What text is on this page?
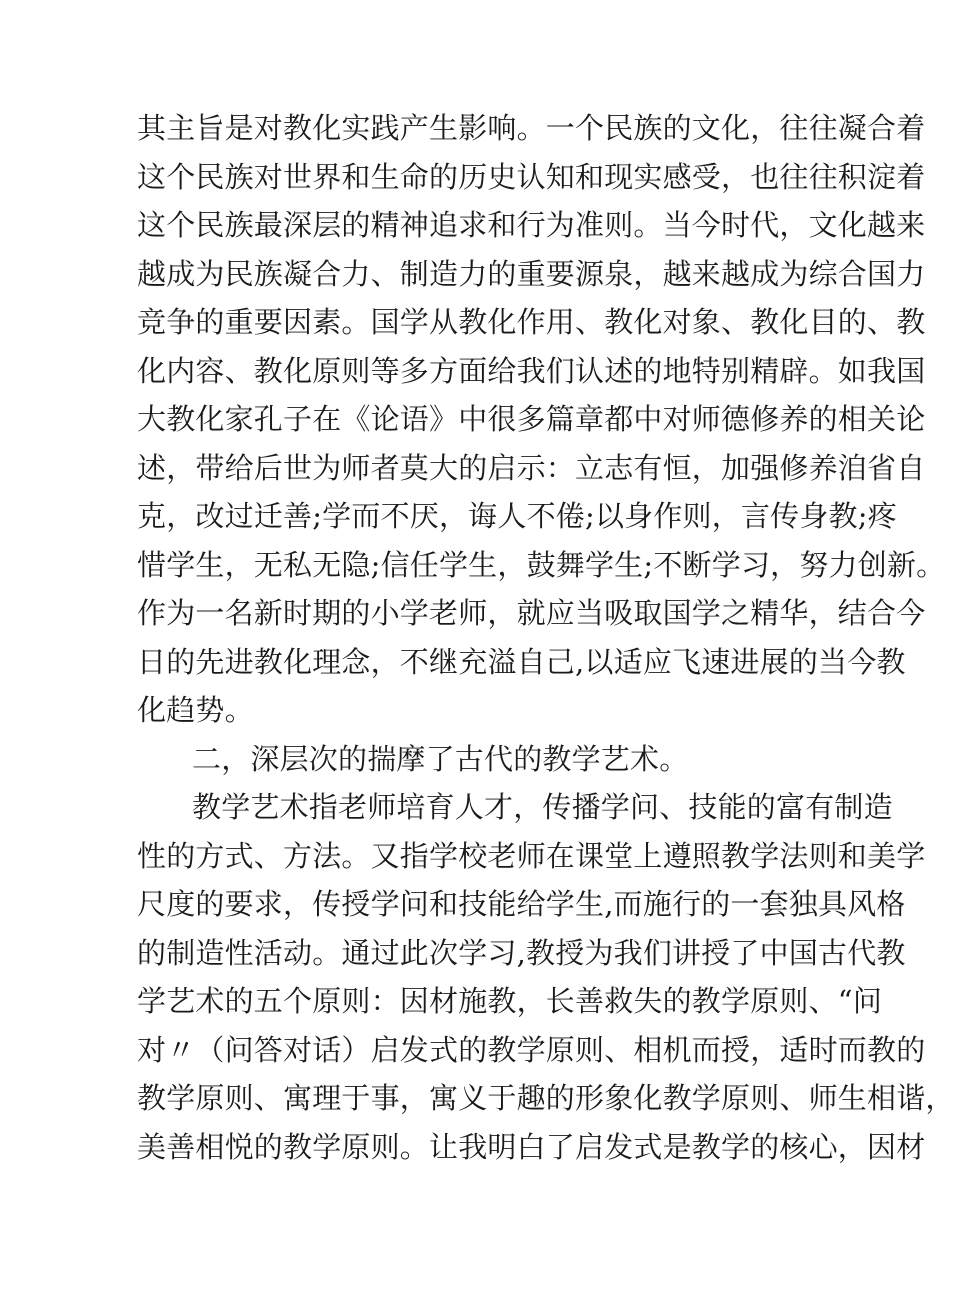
其主旨是对教化实践产生影响。一个民族的文化，往往凝合着
这个民族对世界和生命的历史认知和现实感受，也往往积淀着
这个民族最深层的精神追求和行为准则。当今时代，文化越来
越成为民族凝合力、制造力的重要源泉，越来越成为综合国力
竞争的重要因素。国学从教化作用、教化对象、教化目的、教
化内容、教化原则等多方面给我们认述的地特别精辟。如我国
大教化家孔子在《论语》中很多篇章都中对师德修养的相关论
述，带给后世为师者莫大的启示：立志有恒，加强修养洎省自
克，改过迁善;学而不厌，诲人不倦;以身作则，言传身教;疼
惜学生，无私无隐;信任学生，鼓舞学生;不断学习，努力创新。
作为一名新时期的小学老师，就应当吸取国学之精华，结合今
日的先进教化理念，不继充溢自己,以适应飞速进展的当今教
化趋势。
二，深层次的揣摩了古代的教学艺术。
教学艺术指老师培育人才，传播学问、技能的富有制造
性的方式、方法。又指学校老师在课堂上遵照教学法则和美学
尺度的要求，传授学问和技能给学生,而施行的一套独具风格
的制造性活动。通过此次学习,教授为我们讲授了中国古代教
学艺术的五个原则：因材施教，长善救失的教学原则、“问
对〃（问答对话）启发式的教学原则、相机而授，适时而教的
教学原则、寓理于事，寓义于趣的形象化教学原则、师生相谐，
美善相悦的教学原则。让我明白了启发式是教学的核心，因材
